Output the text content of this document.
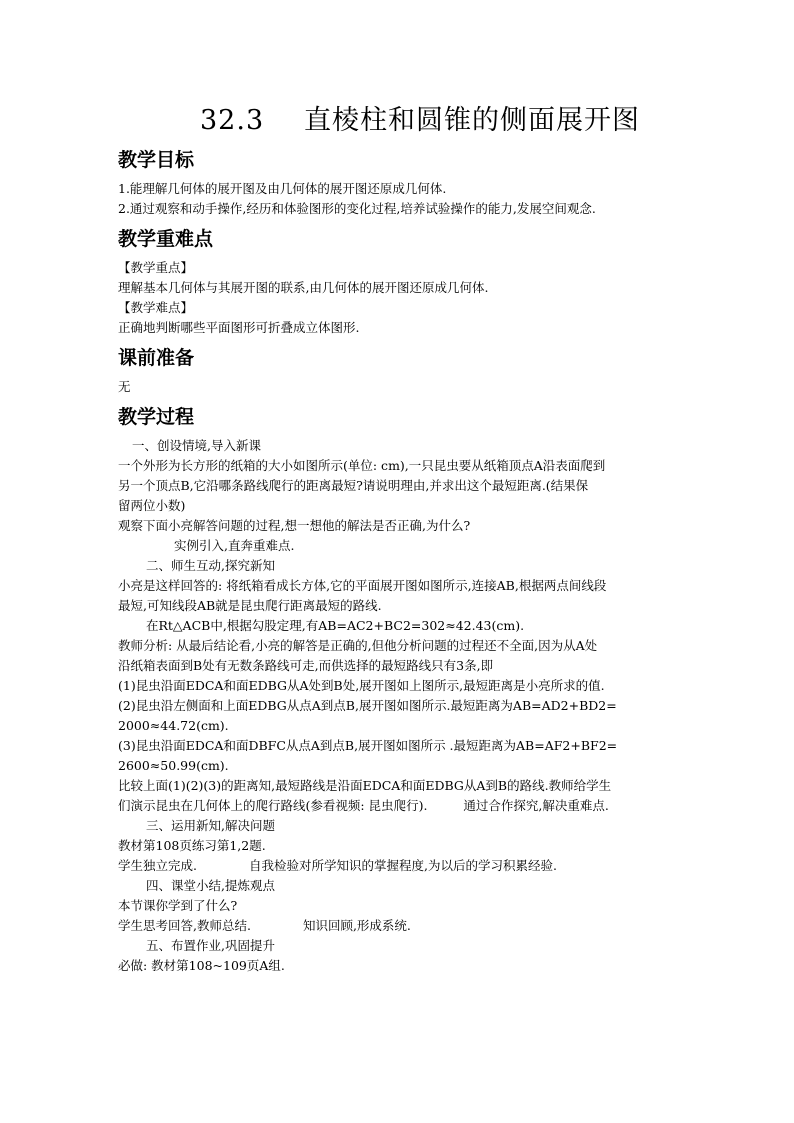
32.3 直棱柱和圆锥的侧面展开图
教学目标

1.能理解几何体的展开图及由几何体的展开图还原成几何体.

2.通过观察和动手操作,经历和体验图形的变化过程,培养试验操作的能力,发展空间观念.

教学重难点

【教学重点】

理解基本几何体与其展开图的联系,由几何体的展开图还原成几何体.

【教学难点】

正确地判断哪些平面图形可折叠成立体图形.

课前准备

无

教学过程

一、创设情境,导入新课

一个外形为长方形的纸箱的大小如图所示(单位: cm),一只昆虫要从纸箱顶点A沿表面爬到

另一个顶点B,它沿哪条路线爬行的距离最短?请说明理由,并求出这个最短距离.(结果保

留两位小数)

观察下面小亮解答问题的过程,想一想他的解法是否正确,为什么?

实例引入,直奔重难点.

二、师生互动,探究新知

小亮是这样回答的: 将纸箱看成长方体,它的平面展开图如图所示,连接AB,根据两点间线段

最短,可知线段AB就是昆虫爬行距离最短的路线.

在Rt△ACB中,根据勾股定理,有AB=AC2+BC2=302≈42.43(cm).

教师分析: 从最后结论看,小亮的解答是正确的,但他分析问题的过程还不全面,因为从A处

沿纸箱表面到B处有无数条路线可走,而供选择的最短路线只有3条,即

(1)昆虫沿面EDCA和面EDBG从A处到B处,展开图如上图所示,最短距离是小亮所求的值.

(2)昆虫沿左侧面和上面EDBG从点A到点B,展开图如图所示.最短距离为AB=AD2+BD2=

2000≈44.72(cm).

(3)昆虫沿面EDCA和面DBFC从点A到点B,展开图如图所示 .最短距离为AB=AF2+BF2=

2600≈50.99(cm).

比较上面(1)(2)(3)的距离知,最短路线是沿面EDCA和面EDBG从A到B的路线.教师给学生

们演示昆虫在几何体上的爬行路线(参看视频: 昆虫爬行).	通过合作探究,解决重难点.

三、运用新知,解决问题

教材第108页练习第1,2题.

学生独立完成.	自我检验对所学知识的掌握程度,为以后的学习积累经验.

四、课堂小结,提炼观点

本节课你学到了什么?

学生思考回答,教师总结.	知识回顾,形成系统.

五、布置作业,巩固提升

必做: 教材第108~109页A组.
